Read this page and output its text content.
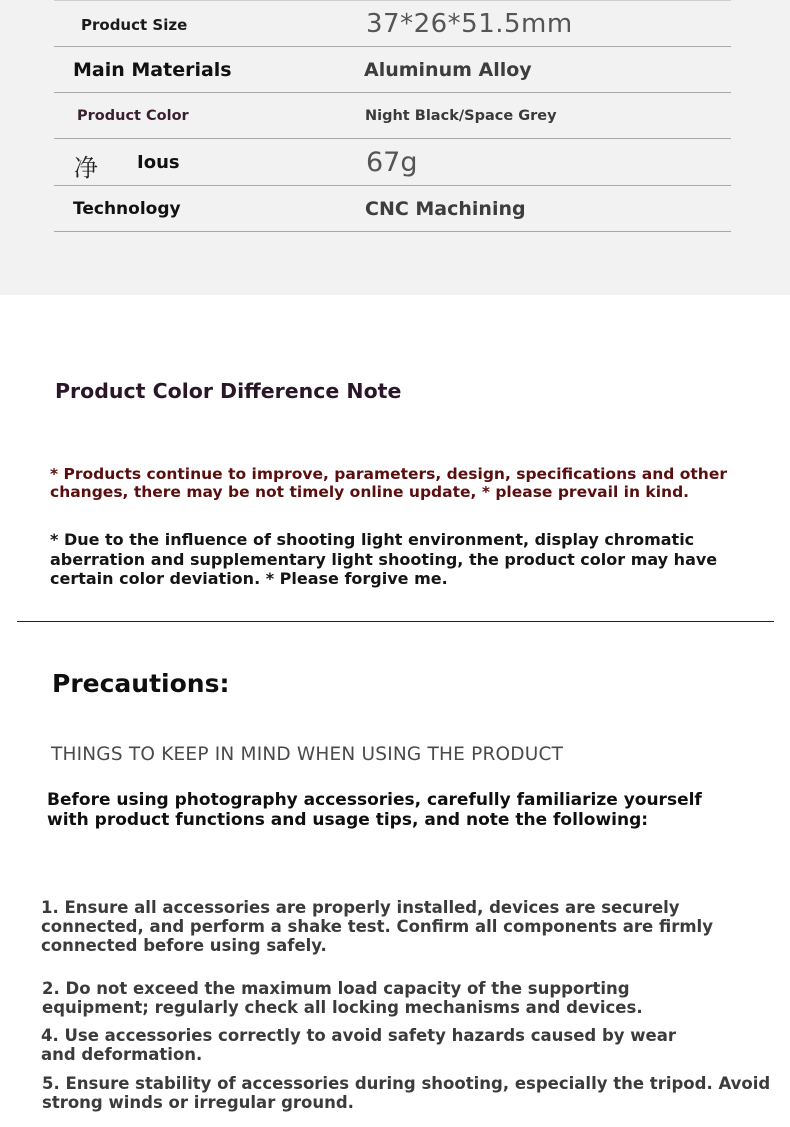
Product Size	37*26*51.5mm
Main Materials	Aluminum Alloy
Product Color	Night Black/Space Grey
净 Ious	67g
Technology	CNC Machining
Product Color Difference Note

* Products continue to improve, parameters, design, specifications and other changes, there may be not timely online update, * please prevail in kind.

* Due to the influence of shooting light environment, display chromatic aberration and supplementary light shooting, the product color may have certain color deviation. * Please forgive me.

Precautions:
THINGS TO KEEP IN MIND WHEN USING THE PRODUCT

Before using photography accessories, carefully familiarize yourself with product functions and usage tips, and note the following:

1. Ensure all accessories are properly installed, devices are securely connected, and perform a shake test. Confirm all components are firmly connected before using safely.

2. Do not exceed the maximum load capacity of the supporting equipment; regularly check all locking mechanisms and devices.

4. Use accessories correctly to avoid safety hazards caused by wear and deformation.

5. Ensure stability of accessories during shooting, especially the tripod. Avoid strong winds or irregular ground.
